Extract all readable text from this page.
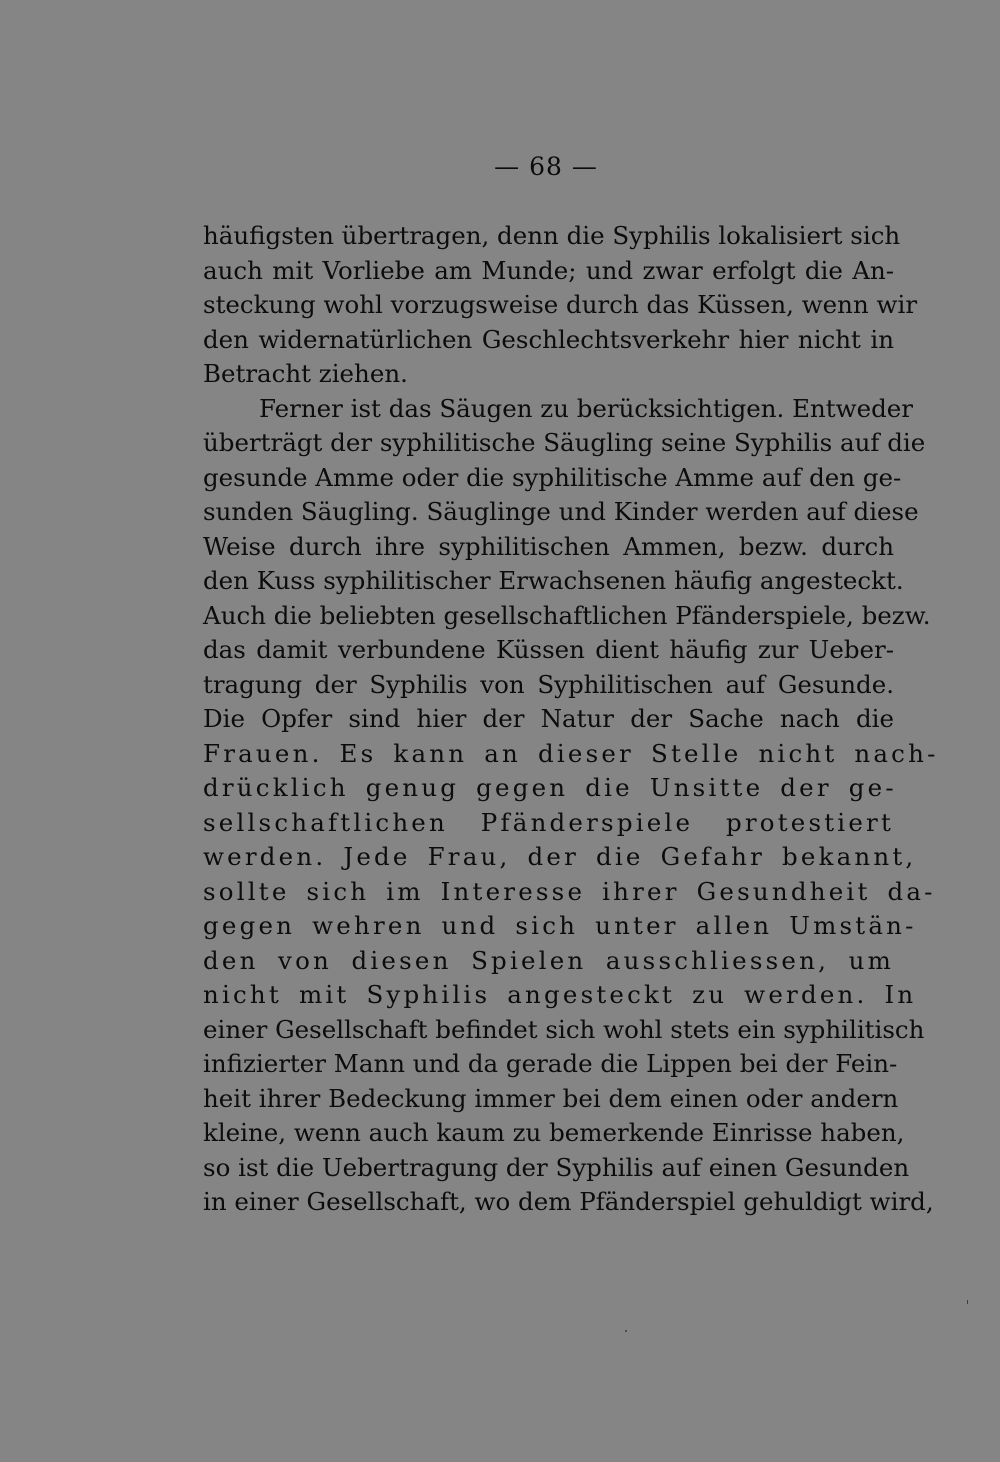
— 68 —
häufigsten übertragen, denn die Syphilis lokalisiert sich
auch mit Vorliebe am Munde; und zwar erfolgt die An-
steckung wohl vorzugsweise durch das Küssen, wenn wir
den widernatürlichen Geschlechtsverkehr hier nicht in
Betracht ziehen.
Ferner ist das Säugen zu berücksichtigen. Entweder
überträgt der syphilitische Säugling seine Syphilis auf die
gesunde Amme oder die syphilitische Amme auf den ge-
sunden Säugling. Säuglinge und Kinder werden auf diese
Weise durch ihre syphilitischen Ammen, bezw. durch
den Kuss syphilitischer Erwachsenen häufig angesteckt.
Auch die beliebten gesellschaftlichen Pfänderspiele, bezw.
das damit verbundene Küssen dient häufig zur Ueber-
tragung der Syphilis von Syphilitischen auf Gesunde.
Die Opfer sind hier der Natur der Sache nach die
Frauen. Es kann an dieser Stelle nicht nach-
drücklich genug gegen die Unsitte der ge-
sellschaftlichen Pfänderspiele protestiert
werden. Jede Frau, der die Gefahr bekannt,
sollte sich im Interesse ihrer Gesundheit da-
gegen wehren und sich unter allen Umstän-
den von diesen Spielen ausschliessen, um
nicht mit Syphilis angesteckt zu werden. In
einer Gesellschaft befindet sich wohl stets ein syphilitisch
infizierter Mann und da gerade die Lippen bei der Fein-
heit ihrer Bedeckung immer bei dem einen oder andern
kleine, wenn auch kaum zu bemerkende Einrisse haben,
so ist die Uebertragung der Syphilis auf einen Gesunden
in einer Gesellschaft, wo dem Pfänderspiel gehuldigt wird,
